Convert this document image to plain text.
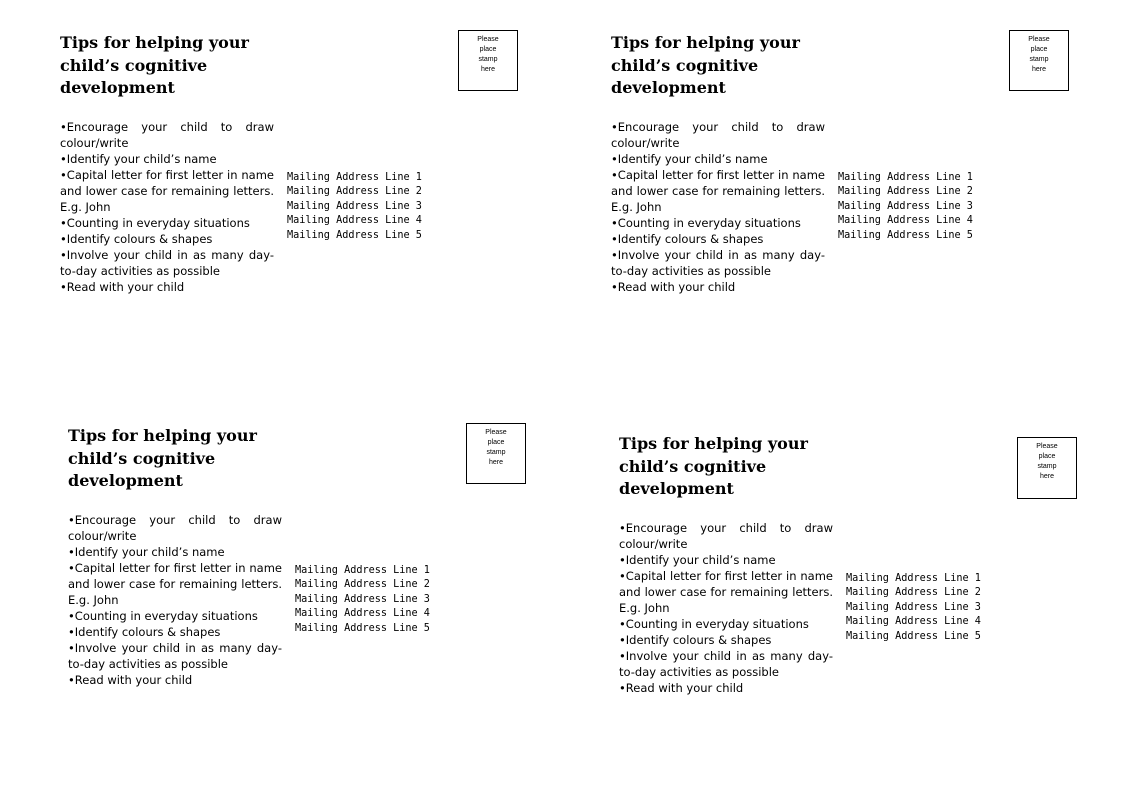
Tips for helping your
child’s cognitive
development
Please
place
stamp
here
•Encourage your child to draw colour/write
•Identify your child’s name
•Capital letter for first letter in name and lower case for remaining letters. E.g. John
•Counting in everyday situations
•Identify colours & shapes
•Involve your child in as many day-to-day activities as possible
•Read with your child
Mailing Address Line 1
Mailing Address Line 2
Mailing Address Line 3
Mailing Address Line 4
Mailing Address Line 5
Tips for helping your
child’s cognitive
development
Please
place
stamp
here
•Encourage your child to draw colour/write
•Identify your child’s name
•Capital letter for first letter in name and lower case for remaining letters. E.g. John
•Counting in everyday situations
•Identify colours & shapes
•Involve your child in as many day-to-day activities as possible
•Read with your child
Mailing Address Line 1
Mailing Address Line 2
Mailing Address Line 3
Mailing Address Line 4
Mailing Address Line 5
Tips for helping your
child’s cognitive
development
Please
place
stamp
here
•Encourage your child to draw colour/write
•Identify your child’s name
•Capital letter for first letter in name and lower case for remaining letters. E.g. John
•Counting in everyday situations
•Identify colours & shapes
•Involve your child in as many day-to-day activities as possible
•Read with your child
Mailing Address Line 1
Mailing Address Line 2
Mailing Address Line 3
Mailing Address Line 4
Mailing Address Line 5
Tips for helping your
child’s cognitive
development
Please
place
stamp
here
•Encourage your child to draw colour/write
•Identify your child’s name
•Capital letter for first letter in name and lower case for remaining letters. E.g. John
•Counting in everyday situations
•Identify colours & shapes
•Involve your child in as many day-to-day activities as possible
•Read with your child
Mailing Address Line 1
Mailing Address Line 2
Mailing Address Line 3
Mailing Address Line 4
Mailing Address Line 5
